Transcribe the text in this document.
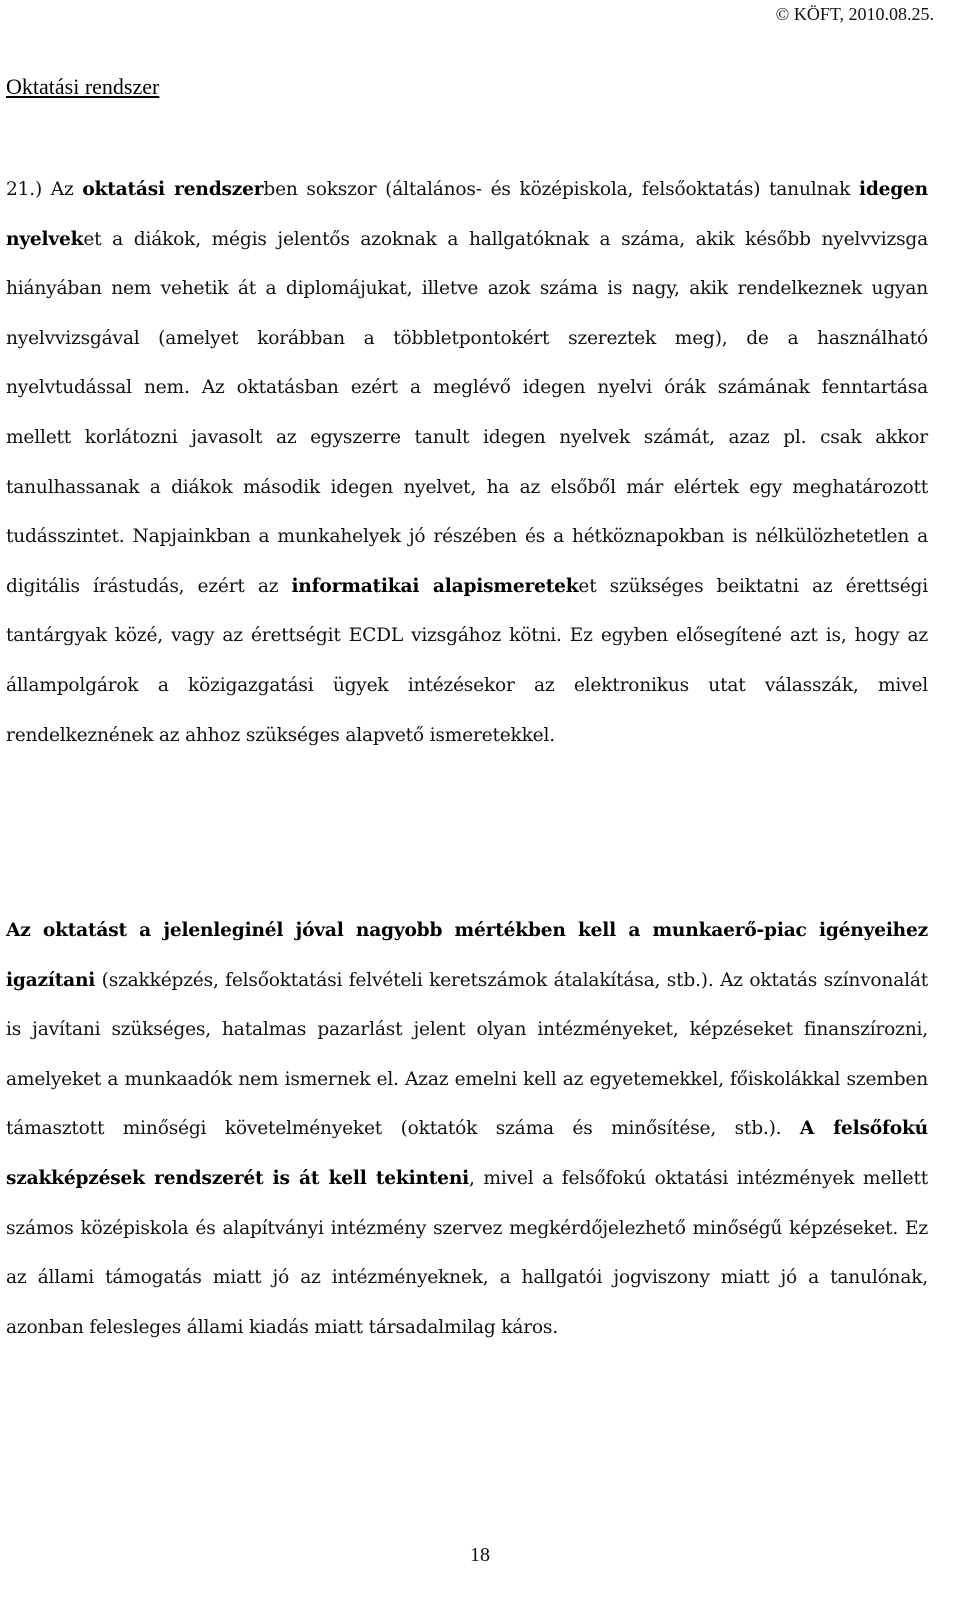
© KÖFT, 2010.08.25.
Oktatási rendszer

21.) Az oktatási rendszerben sokszor (általános- és középiskola, felsőoktatás) tanulnak idegen nyelveket a diákok, mégis jelentős azoknak a hallgatóknak a száma, akik később nyelvvizsga hiányában nem vehetik át a diplomájukat, illetve azok száma is nagy, akik rendelkeznek ugyan nyelvvizsgával (amelyet korábban a többletpontokért szereztek meg), de a használható nyelvtudással nem. Az oktatásban ezért a meglévő idegen nyelvi órák számának fenntartása mellett korlátozni javasolt az egyszerre tanult idegen nyelvek számát, azaz pl. csak akkor tanulhassanak a diákok második idegen nyelvet, ha az elsőből már elértek egy meghatározott tudásszintet. Napjainkban a munkahelyek jó részében és a hétköznapokban is nélkülözhetetlen a digitális írástudás, ezért az informatikai alapismereteket szükséges beiktatni az érettségi tantárgyak közé, vagy az érettségit ECDL vizsgához kötni. Ez egyben elősegítené azt is, hogy az állampolgárok a közigazgatási ügyek intézésekor az elektronikus utat válasszák, mivel rendelkeznének az ahhoz szükséges alapvető ismeretekkel.

Az oktatást a jelenleginél jóval nagyobb mértékben kell a munkaerő-piac igényeihez igazítani (szakképzés, felsőoktatási felvételi keretszámok átalakítása, stb.). Az oktatás színvonalát is javítani szükséges, hatalmas pazarlást jelent olyan intézményeket, képzéseket finanszírozni, amelyeket a munkaadók nem ismernek el. Azaz emelni kell az egyetemekkel, főiskolákkal szemben támasztott minőségi követelményeket (oktatók száma és minősítése, stb.). A felsőfokú szakképzések rendszerét is át kell tekinteni, mivel a felsőfokú oktatási intézmények mellett számos középiskola és alapítványi intézmény szervez megkérdőjelezhető minőségű képzéseket. Ez az állami támogatás miatt jó az intézményeknek, a hallgatói jogviszony miatt jó a tanulónak, azonban felesleges állami kiadás miatt társadalmilag káros.

18
